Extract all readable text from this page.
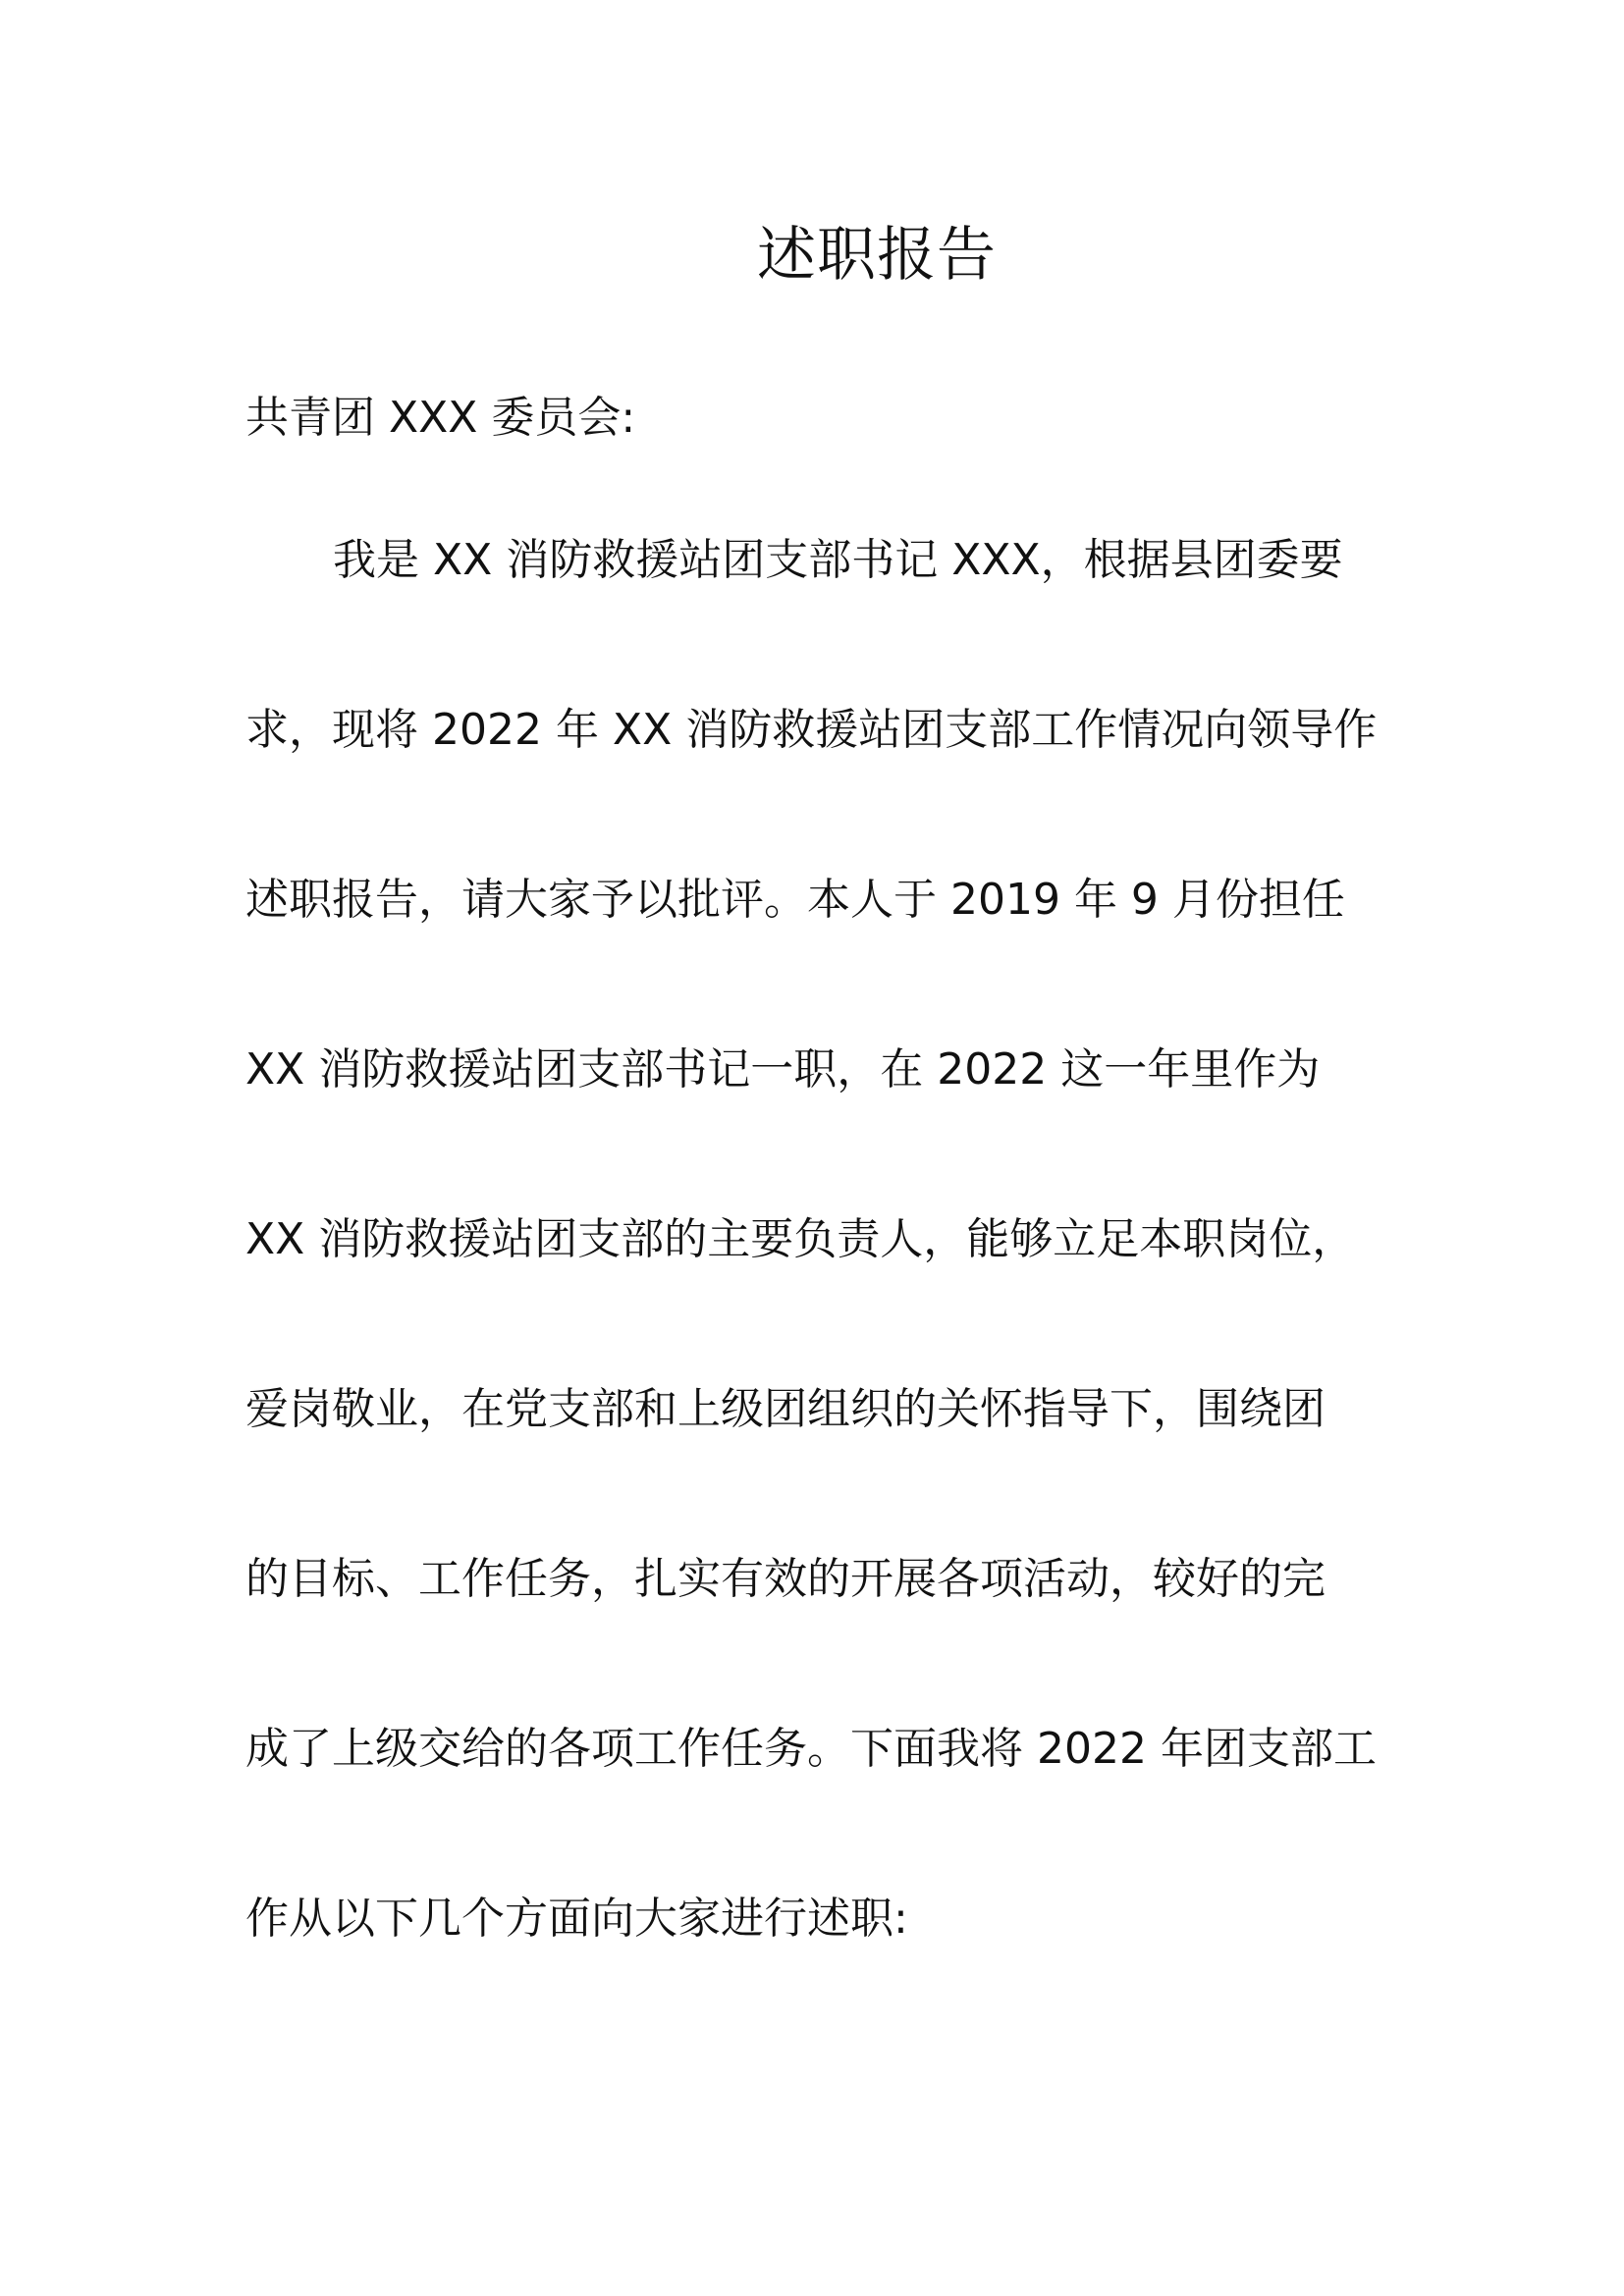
述职报告
共青团 XXX 委员会:
我是 XX 消防救援站团支部书记 XXX，根据县团委要
求，现将 2022 年 XX 消防救援站团支部工作情况向领导作
述职报告，请大家予以批评。本人于 2019 年 9 月份担任
XX 消防救援站团支部书记一职，在 2022 这一年里作为
XX 消防救援站团支部的主要负责人，能够立足本职岗位，
爱岗敬业，在党支部和上级团组织的关怀指导下，围绕团
的目标、工作任务，扎实有效的开展各项活动，较好的完
成了上级交给的各项工作任务。下面我将 2022 年团支部工
作从以下几个方面向大家进行述职:
